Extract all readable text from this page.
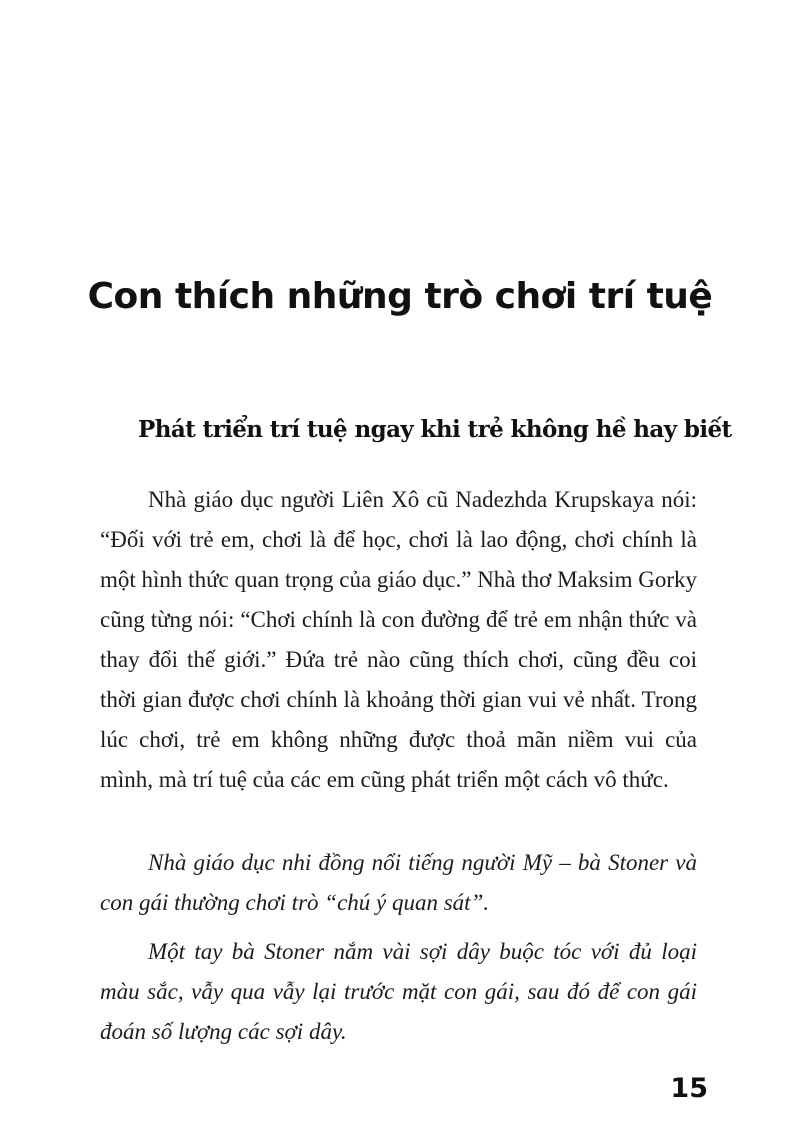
Con thích những trò chơi trí tuệ
Phát triển trí tuệ ngay khi trẻ không hề hay biết

Nhà giáo dục người Liên Xô cũ Nadezhda Krupskaya nói: “Đối với trẻ em, chơi là để học, chơi là lao động, chơi chính là một hình thức quan trọng của giáo dục.” Nhà thơ Maksim Gorky cũng từng nói: “Chơi chính là con đường để trẻ em nhận thức và thay đổi thế giới.” Đứa trẻ nào cũng thích chơi, cũng đều coi thời gian được chơi chính là khoảng thời gian vui vẻ nhất. Trong lúc chơi, trẻ em không những được thoả mãn niềm vui của mình, mà trí tuệ của các em cũng phát triển một cách vô thức.

Nhà giáo dục nhi đồng nổi tiếng người Mỹ – bà Stoner và con gái thường chơi trò “chú ý quan sát”.

Một tay bà Stoner nắm vài sợi dây buộc tóc với đủ loại màu sắc, vẫy qua vẫy lại trước mặt con gái, sau đó để con gái đoán số lượng các sợi dây.

15
